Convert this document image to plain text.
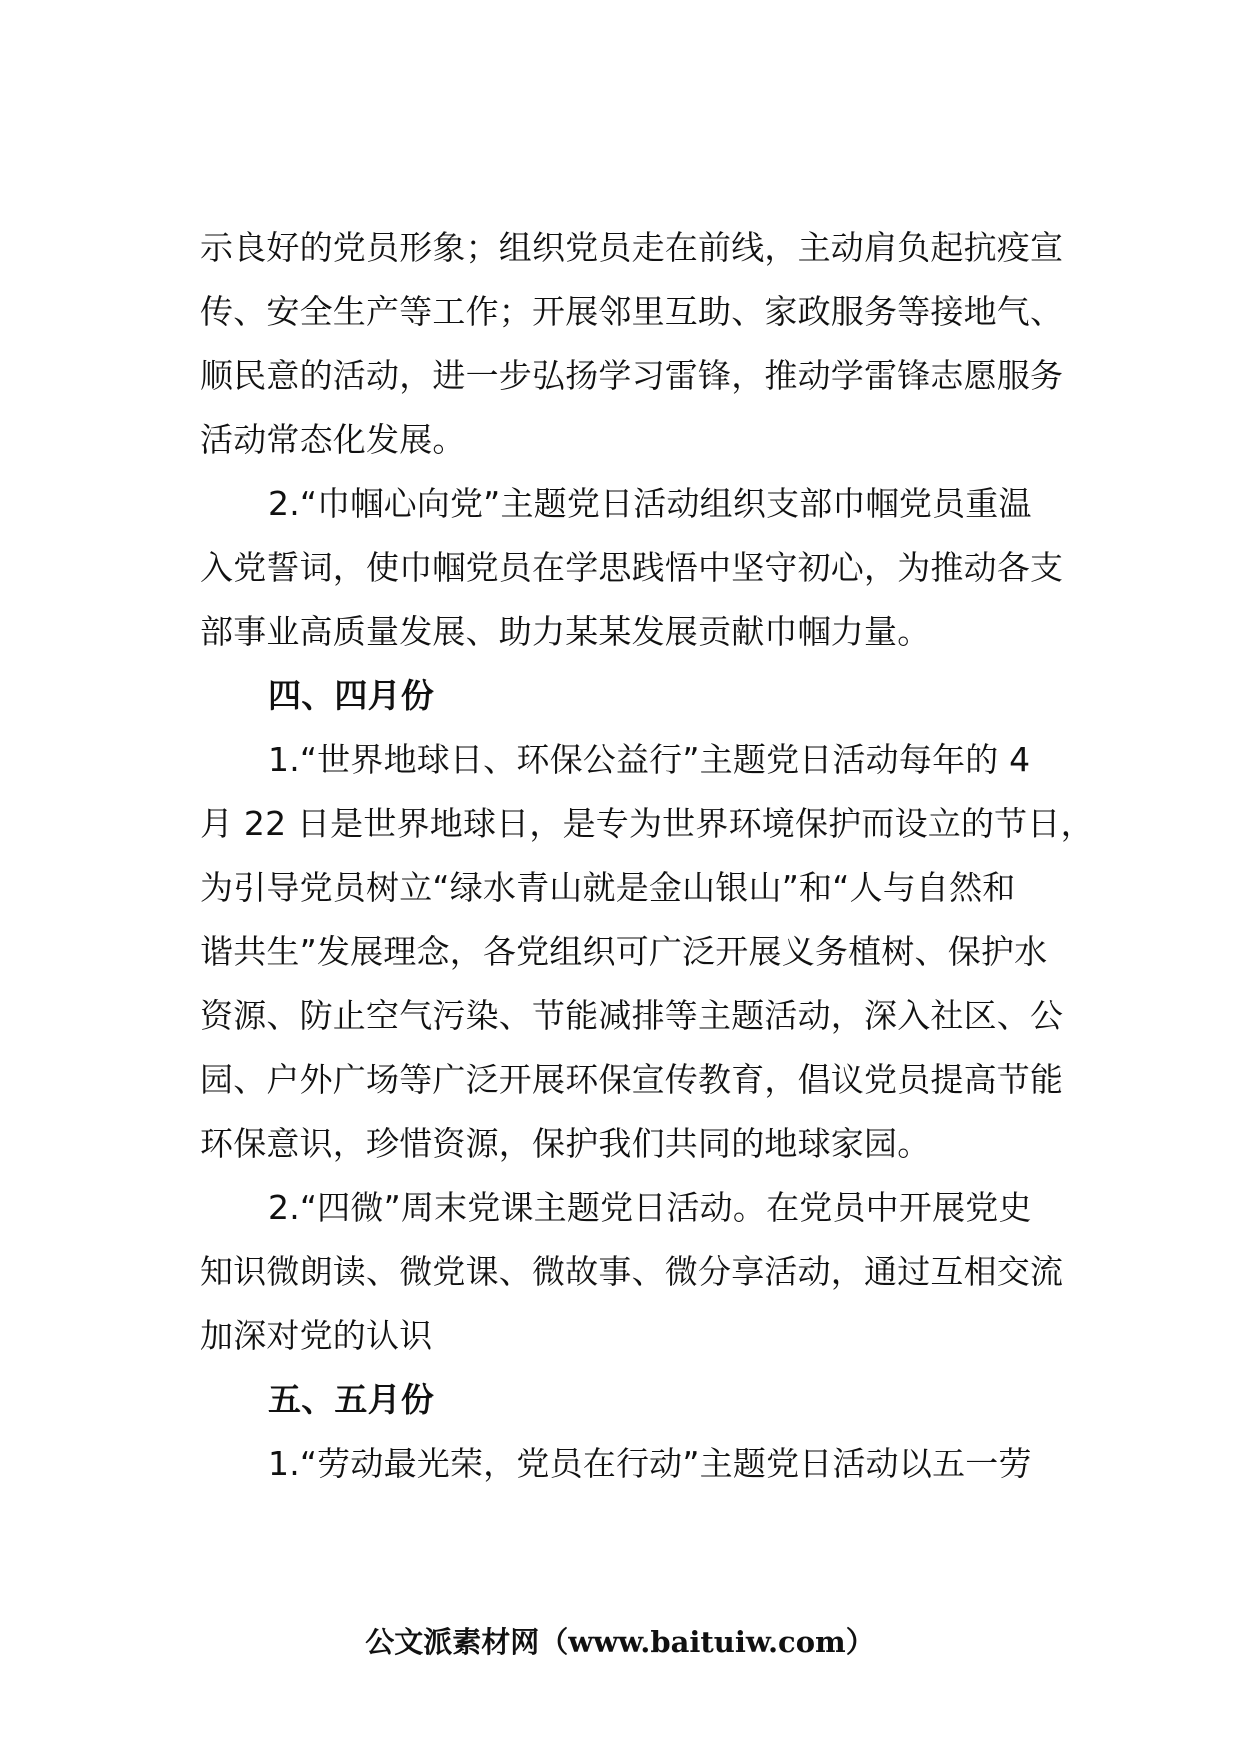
示良好的党员形象；组织党员走在前线，主动肩负起抗疫宣
传、安全生产等工作；开展邻里互助、家政服务等接地气、
顺民意的活动，进一步弘扬学习雷锋，推动学雷锋志愿服务
活动常态化发展。
2.“巾帼心向党”主题党日活动组织支部巾帼党员重温
入党誓词，使巾帼党员在学思践悟中坚守初心，为推动各支
部事业高质量发展、助力某某发展贡献巾帼力量。
四、四月份
1.“世界地球日、环保公益行”主题党日活动每年的 4
月 22 日是世界地球日，是专为世界环境保护而设立的节日，
为引导党员树立“绿水青山就是金山银山”和“人与自然和
谐共生”发展理念，各党组织可广泛开展义务植树、保护水
资源、防止空气污染、节能减排等主题活动，深入社区、公
园、户外广场等广泛开展环保宣传教育，倡议党员提高节能
环保意识，珍惜资源，保护我们共同的地球家园。
2.“四微”周末党课主题党日活动。在党员中开展党史
知识微朗读、微党课、微故事、微分享活动，通过互相交流
加深对党的认识
五、五月份
1.“劳动最光荣，党员在行动”主题党日活动以五一劳
公文派素材网（www.baituiw.com）
